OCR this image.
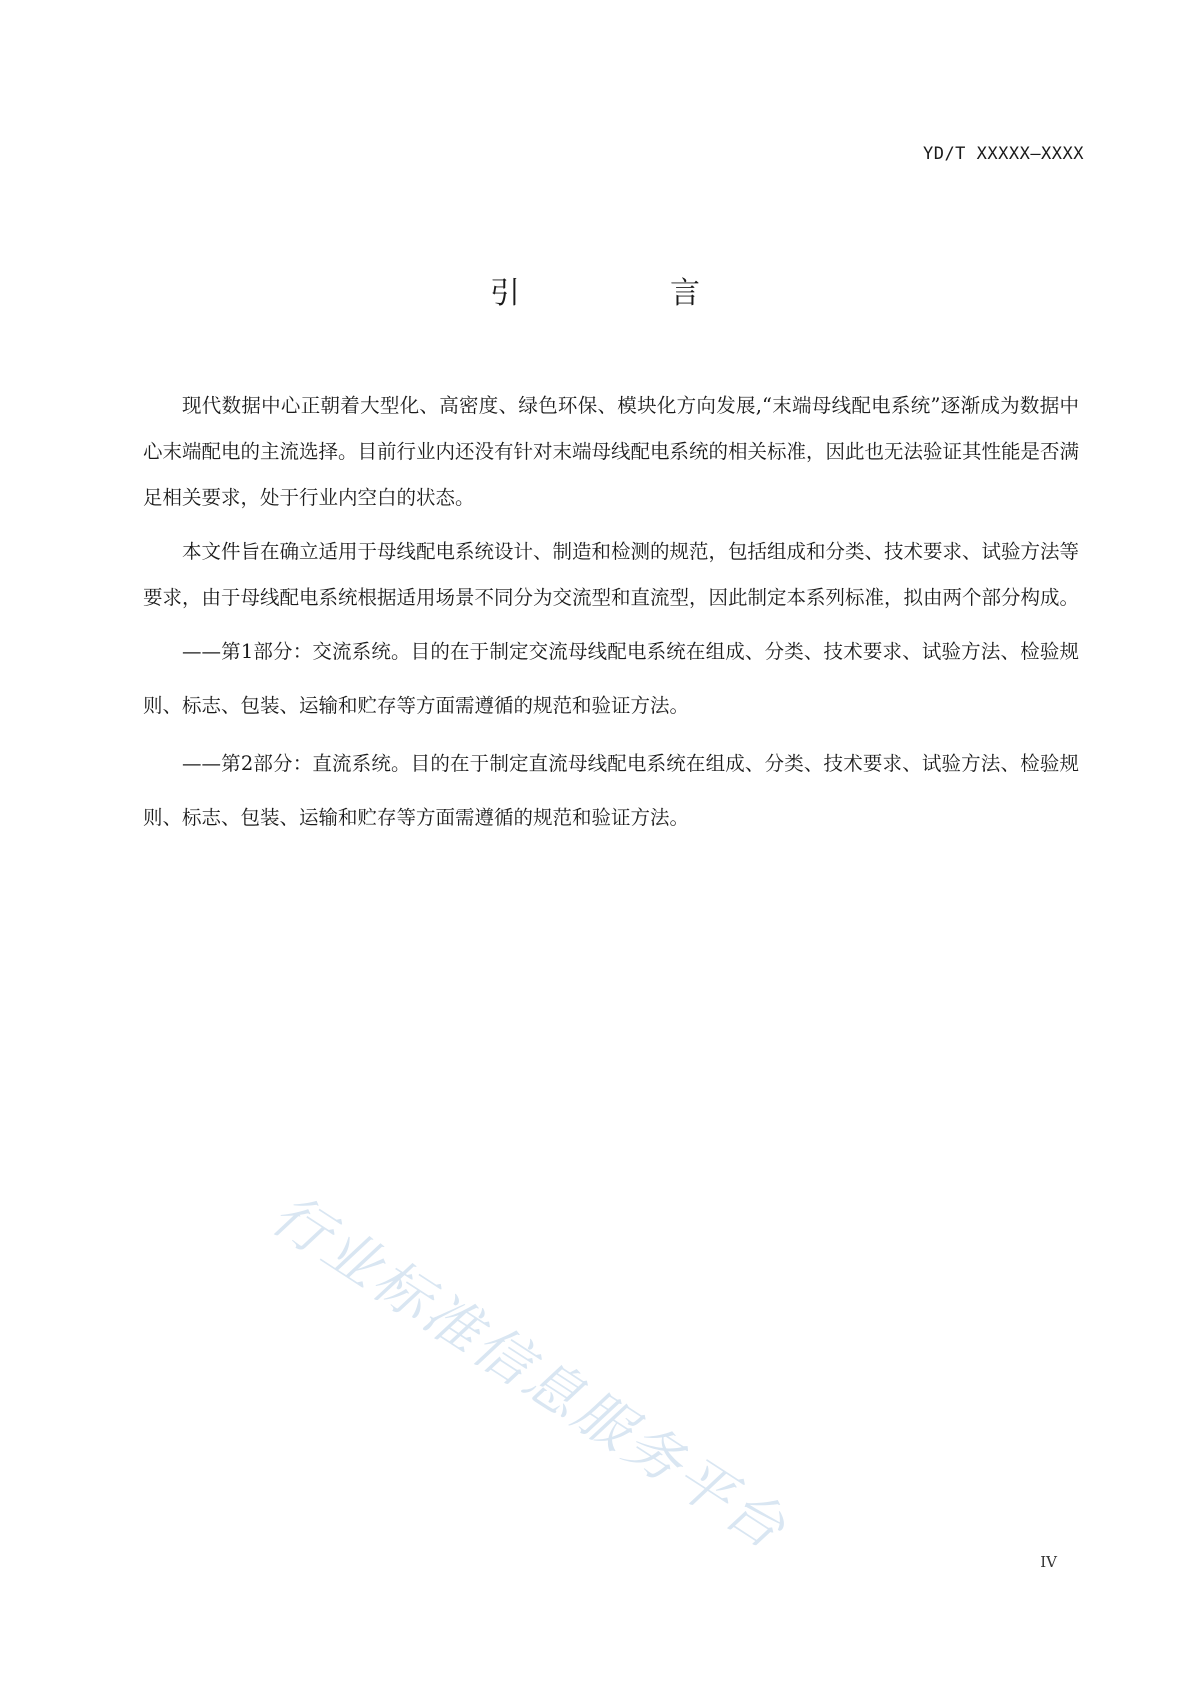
YD/T XXXXX—XXXX
引　言

现代数据中心正朝着大型化、高密度、绿色环保、模块化方向发展,“末端母线配电系统”逐渐成为数据中心末端配电的主流选择。目前行业内还没有针对末端母线配电系统的相关标准，因此也无法验证其性能是否满足相关要求，处于行业内空白的状态。

本文件旨在确立适用于母线配电系统设计、制造和检测的规范，包括组成和分类、技术要求、试验方法等要求，由于母线配电系统根据适用场景不同分为交流型和直流型，因此制定本系列标准，拟由两个部分构成。

——第1部分：交流系统。目的在于制定交流母线配电系统在组成、分类、技术要求、试验方法、检验规则、标志、包装、运输和贮存等方面需遵循的规范和验证方法。

——第2部分：直流系统。目的在于制定直流母线配电系统在组成、分类、技术要求、试验方法、检验规则、标志、包装、运输和贮存等方面需遵循的规范和验证方法。

行业标准信息服务平台	IV
